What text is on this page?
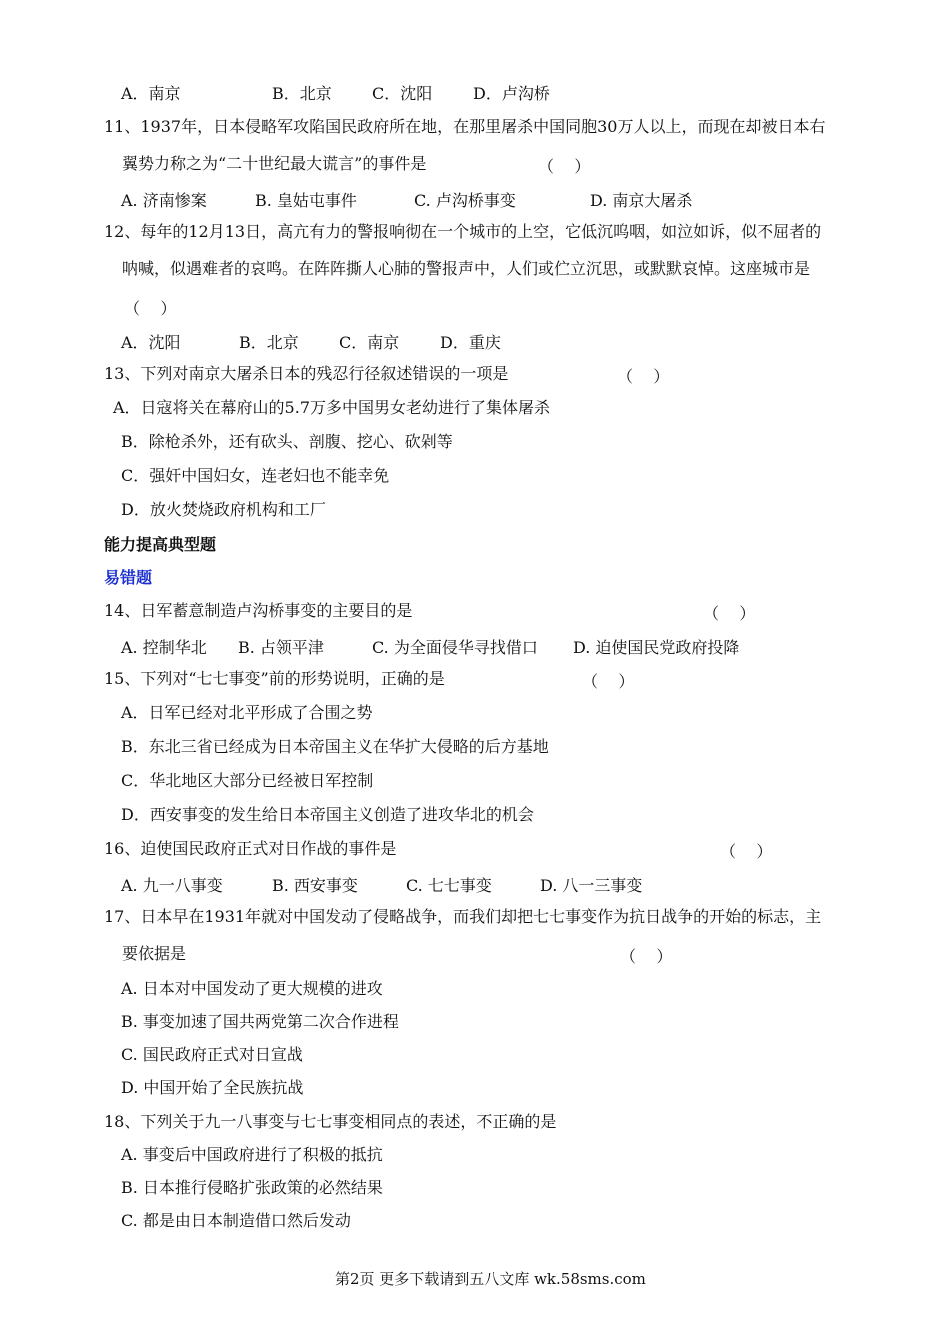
A．南京	B．北京	C．沈阳	D．卢沟桥
11、1937年，日本侵略军攻陷国民政府所在地，在那里屠杀中国同胞30万人以上，而现在却被日本右
翼势力称之为“二十世纪最大谎言”的事件是	（    ）
A. 济南惨案	B. 皇姑屯事件	C. 卢沟桥事变	D. 南京大屠杀
12、每年的12月13日，高亢有力的警报响彻在一个城市的上空，它低沉呜咽，如泣如诉，似不屈者的
呐喊，似遇难者的哀鸣。在阵阵撕人心肺的警报声中，人们或伫立沉思，或默默哀悼。这座城市是
（    ）
A．沈阳	B．北京	C．南京	D．重庆
13、下列对南京大屠杀日本的残忍行径叙述错误的一项是	（    ）
A．日寇将关在幕府山的5.7万多中国男女老幼进行了集体屠杀
B．除枪杀外，还有砍头、剖腹、挖心、砍剁等
C．强奸中国妇女，连老妇也不能幸免
D．放火焚烧政府机构和工厂
能力提高典型题
易错题
14、日军蓄意制造卢沟桥事变的主要目的是	（    ）
A. 控制华北 B. 占领平津	C. 为全面侵华寻找借口 D. 迫使国民党政府投降
15、下列对“七七事变”前的形势说明，正确的是	（    ）
A．日军已经对北平形成了合围之势
B．东北三省已经成为日本帝国主义在华扩大侵略的后方基地
C．华北地区大部分已经被日军控制
D．西安事变的发生给日本帝国主义创造了进攻华北的机会
16、迫使国民政府正式对日作战的事件是	（    ）
A. 九一八事变	B. 西安事变	C. 七七事变	D. 八一三事变
17、日本早在1931年就对中国发动了侵略战争，而我们却把七七事变作为抗日战争的开始的标志，主
要依据是	（    ）
A. 日本对中国发动了更大规模的进攻
B. 事变加速了国共两党第二次合作进程
C. 国民政府正式对日宣战
D. 中国开始了全民族抗战
18、下列关于九一八事变与七七事变相同点的表述，不正确的是
A. 事变后中国政府进行了积极的抵抗
B. 日本推行侵略扩张政策的必然结果
C. 都是由日本制造借口然后发动
第2页 更多下载请到五八文库 wk.58sms.com
